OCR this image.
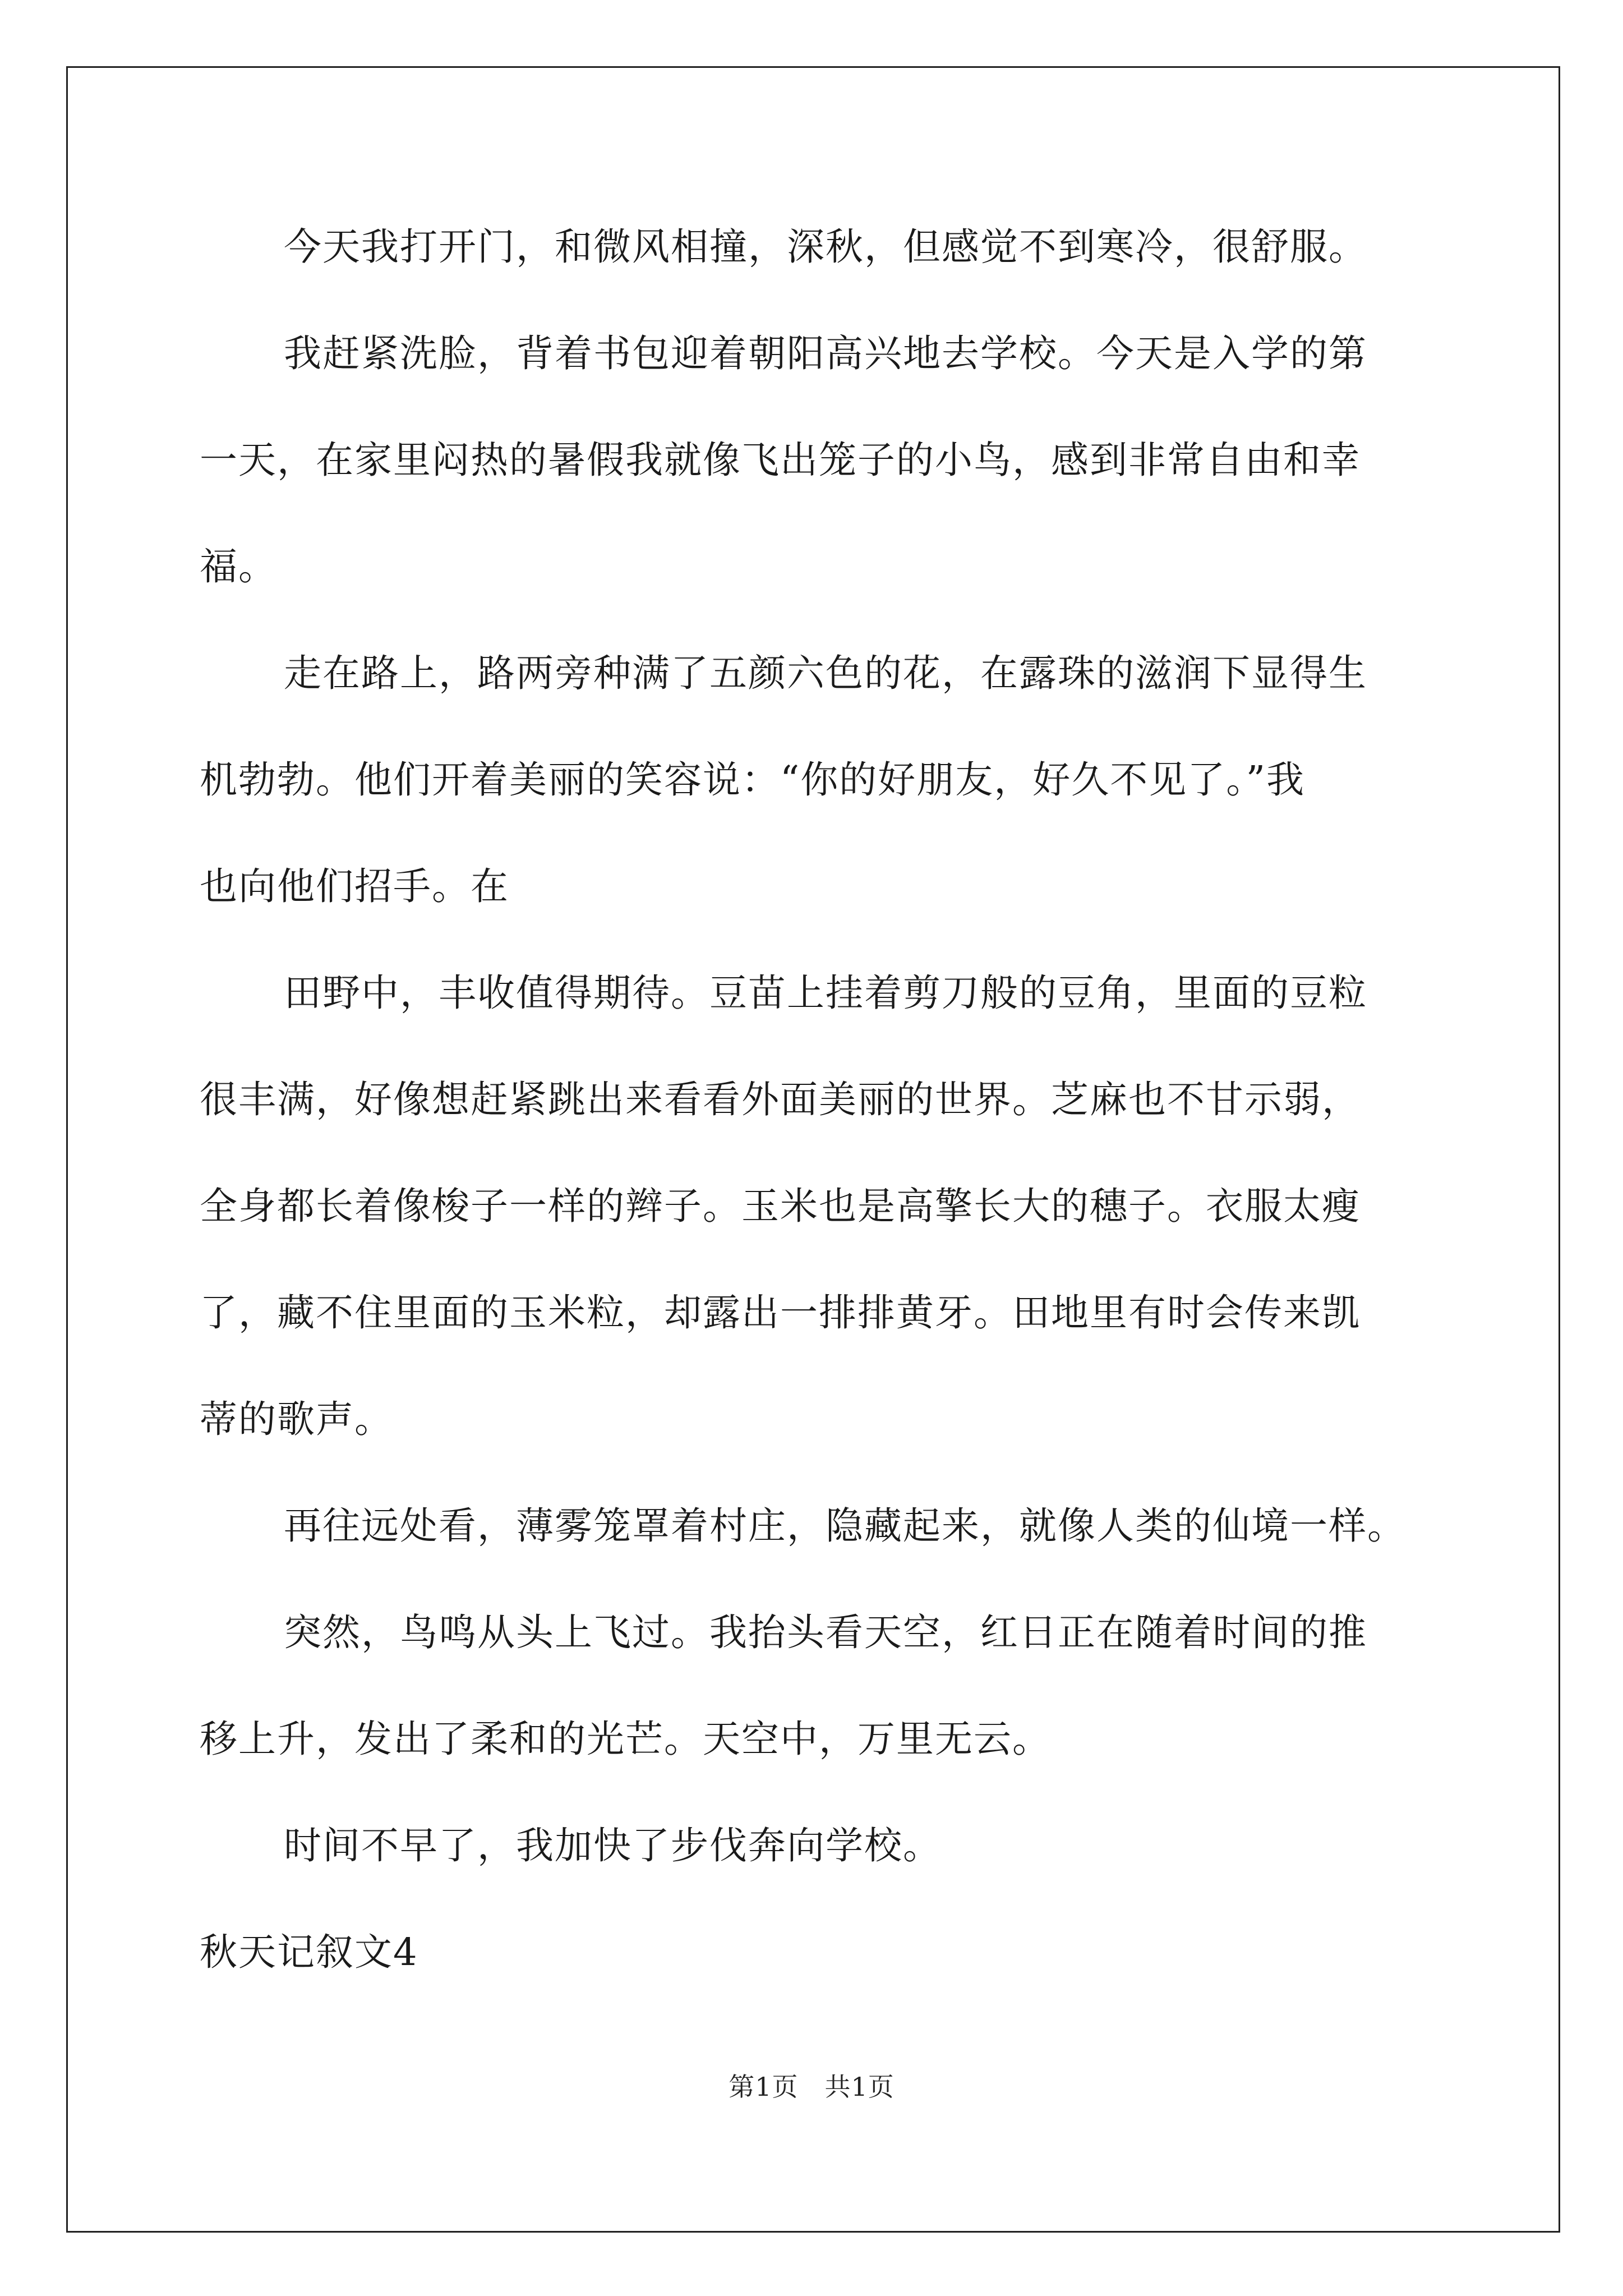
今天我打开门，和微风相撞，深秋，但感觉不到寒冷，很舒服。
我赶紧洗脸，背着书包迎着朝阳高兴地去学校。今天是入学的第
一天，在家里闷热的暑假我就像飞出笼子的小鸟，感到非常自由和幸
福。
走在路上，路两旁种满了五颜六色的花，在露珠的滋润下显得生
机勃勃。他们开着美丽的笑容说：“你的好朋友，好久不见了。”我
也向他们招手。在
田野中，丰收值得期待。豆苗上挂着剪刀般的豆角，里面的豆粒
很丰满，好像想赶紧跳出来看看外面美丽的世界。芝麻也不甘示弱，
全身都长着像梭子一样的辫子。玉米也是高擎长大的穗子。衣服太瘦
了，藏不住里面的玉米粒，却露出一排排黄牙。田地里有时会传来凯
蒂的歌声。
再往远处看，薄雾笼罩着村庄，隐藏起来，就像人类的仙境一样。
突然，鸟鸣从头上飞过。我抬头看天空，红日正在随着时间的推
移上升，发出了柔和的光芒。天空中，万里无云。
时间不早了，我加快了步伐奔向学校。
秋天记叙文4
第1页　共1页
